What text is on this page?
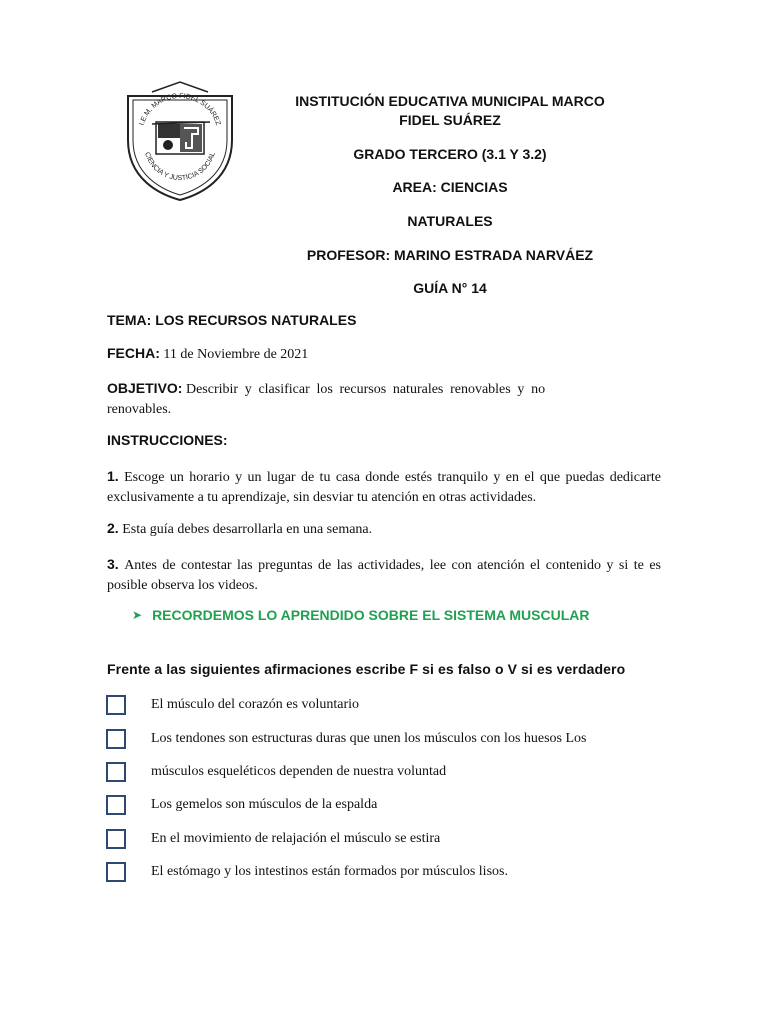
I.E.M. MARCO FIDEL SUÁREZ
CIENCIA Y JUSTICIA SOCIAL

INSTITUCIÓN EDUCATIVA MUNICIPAL MARCO

FIDEL SUÁREZ

GRADO TERCERO (3.1 Y 3.2)

AREA: CIENCIAS

NATURALES

PROFESOR: MARINO ESTRADA NARVÁEZ

GUÍA N° 14

TEMA: LOS RECURSOS NATURALES

FECHA: 11 de Noviembre de 2021

OBJETIVO: Describir y clasificar los recursos naturales renovables y no
renovables.

INSTRUCCIONES:

1. Escoge un horario y un lugar de tu casa donde estés tranquilo y en el que puedas dedicarte exclusivamente a tu aprendizaje, sin desviar tu atención en otras actividades.

2. Esta guía debes desarrollarla en una semana.

3. Antes de contestar las preguntas de las actividades, lee con atención el contenido y si te es posible observa los videos.

➤ RECORDEMOS LO APRENDIDO SOBRE EL SISTEMA MUSCULAR

Frente a las siguientes afirmaciones escribe F si es falso o V si es verdadero

El músculo del corazón es voluntario
Los tendones son estructuras duras que unen los músculos con los huesos Los
músculos esqueléticos dependen de nuestra voluntad
Los gemelos son músculos de la espalda
En el movimiento de relajación el músculo se estira
El estómago y los intestinos están formados por músculos lisos.
